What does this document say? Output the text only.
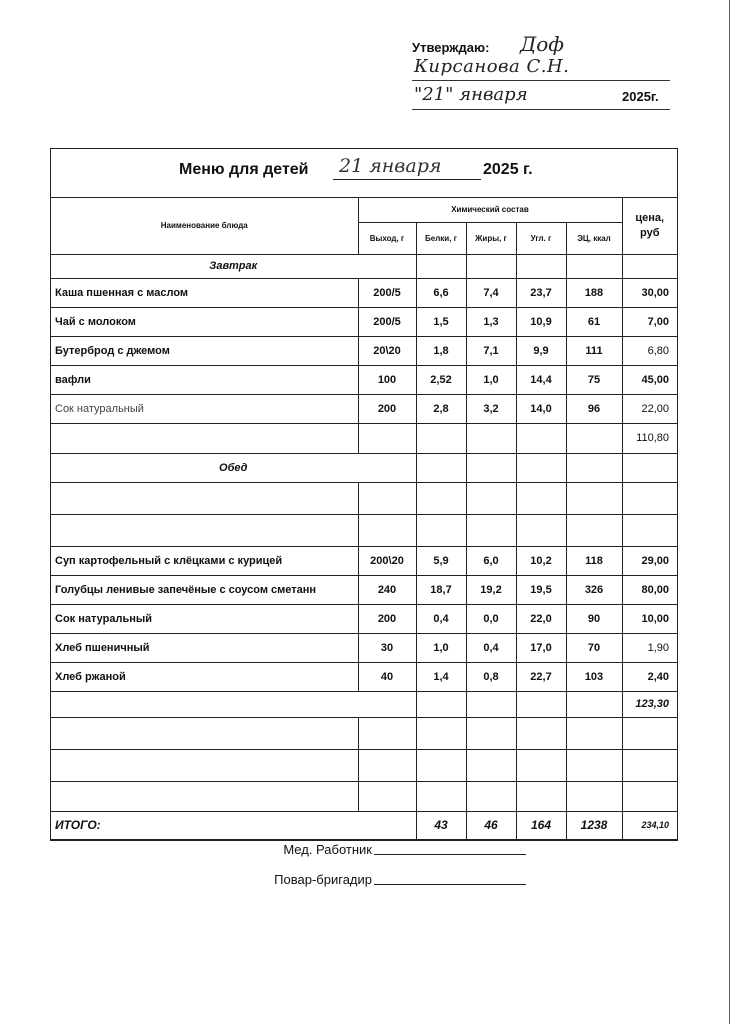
Утверждаю: Доф
Кирсанова С.Н.
"21" января	2025г.
Меню для детей 21 января	2025 г.
Наименование блюда	Химический состав					цена, руб
	Выход, г	Белки, г	Жиры, г	Угл. г	ЭЦ, ккал	
Завтрак						
Каша пшенная с маслом	200/5	6,6	7,4	23,7	188	30,00
Чай с молоком	200/5	1,5	1,3	10,9	61	7,00
Бутерброд с джемом	20\20	1,8	7,1	9,9	111	6,80
вафли	100	2,52	1,0	14,4	75	45,00
Сок натуральный	200	2,8	3,2	14,0	96	22,00
						110,80
Обед						

Суп картофельный с клёцками с курицей	200\20	5,9	6,0	10,2	118	29,00
Голубцы ленивые запечёные с соусом сметанн	240	18,7	19,2	19,5	326	80,00
Сок натуральный	200	0,4	0,0	22,0	90	10,00
Хлеб пшеничный	30	1,0	0,4	17,0	70	1,90
Хлеб ржаной	40	1,4	0,8	22,7	103	2,40
						123,30

ИТОГО:		43	46	164	1238	234,10
Мед. Работник
Повар-бригадир
